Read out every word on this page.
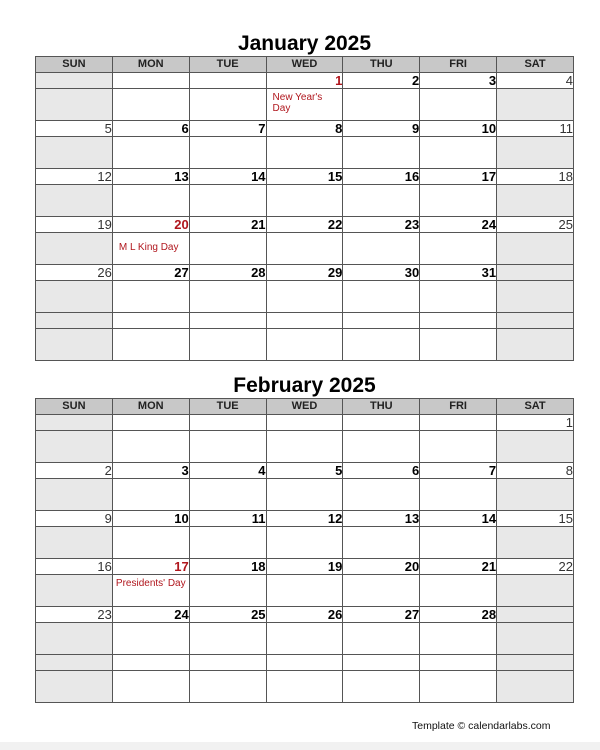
January 2025
SUN	MON	TUE	WED	THU	FRI	SAT
			1	2	3	4

			New Year's Day			

5	6	7	8	9	10	11

12	13	14	15	16	17	18

19	20	21	22	23	24	25

	M L King Day					

26	27	28	29	30	31	

February 2025
SUN	MON	TUE	WED	THU	FRI	SAT
						1

2	3	4	5	6	7	8

9	10	11	12	13	14	15

16	17	18	19	20	21	22

	Presidents' Day					

23	24	25	26	27	28	

Template © calendarlabs.com
